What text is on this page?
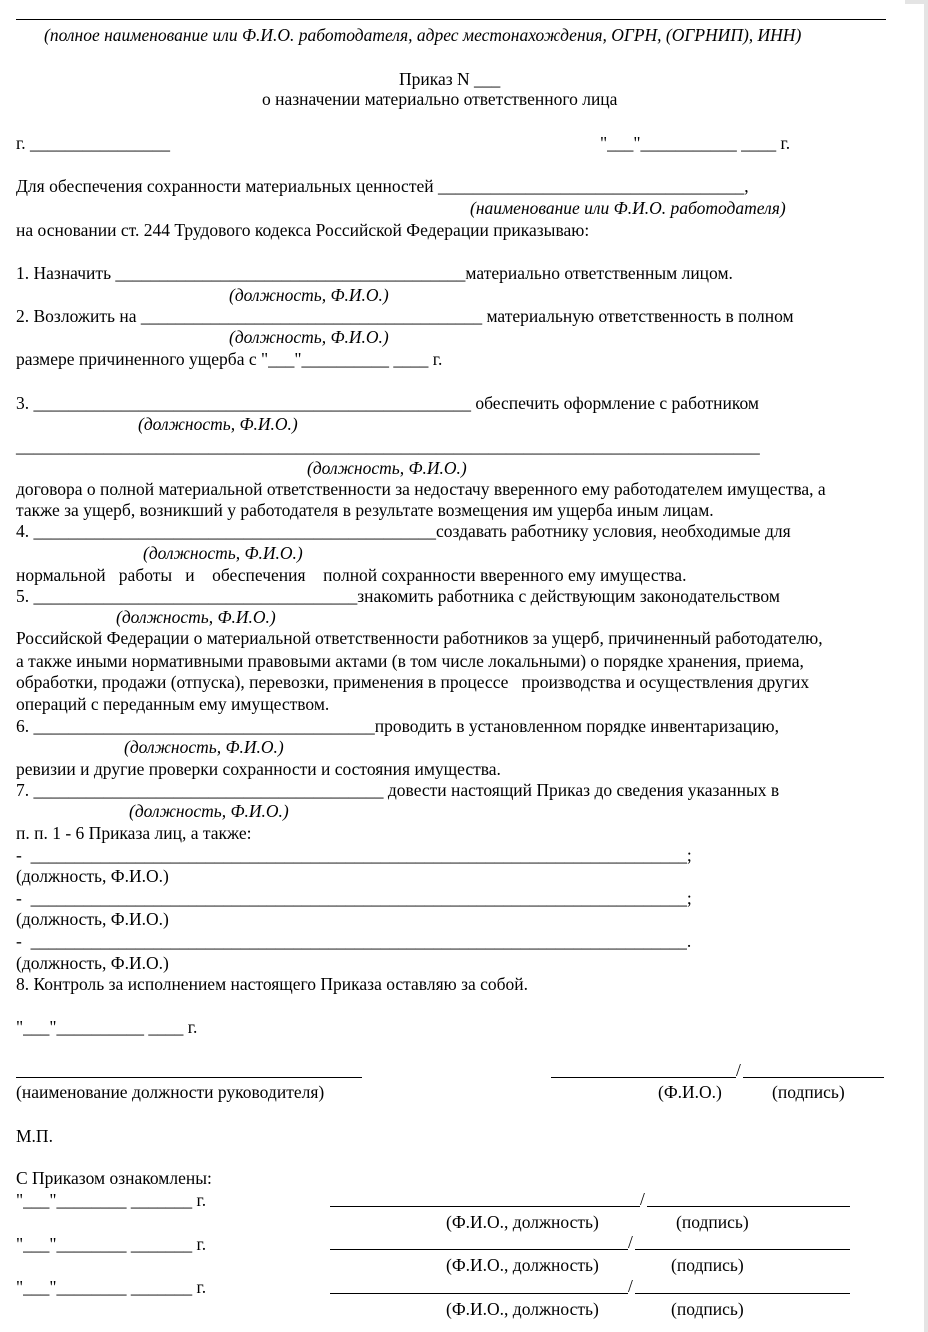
(полное наименование или Ф.И.О. работодателя, адрес местонахождения, ОГРН, (ОГРНИП), ИНН)
Приказ N ___
о назначении материально ответственного лица
г. ________________	"___"___________ ____ г.
Для обеспечения сохранности материальных ценностей ___________________________________,
(наименование или Ф.И.О. работодателя)
на основании ст. 244 Трудового кодекса Российской Федерации приказываю:
1. Назначить ________________________________________материально ответственным лицом.
(должность, Ф.И.О.)
2. Возложить на _______________________________________ материальную ответственность в полном
(должность, Ф.И.О.)
размере причиненного ущерба с "___"__________ ____ г.
3. __________________________________________________ обеспечить оформление с работником
(должность, Ф.И.О.)
_____________________________________________________________________________________
(должность, Ф.И.О.)
договора о полной материальной ответственности за недостачу вверенного ему работодателем имущества, а
также за ущерб, возникший у работодателя в результате возмещения им ущерба иным лицам.
4. ______________________________________________создавать работнику условия, необходимые для
(должность, Ф.И.О.)
нормальной   работы   и    обеспечения    полной сохранности вверенного ему имущества.
5. _____________________________________знакомить работника с действующим законодательством
(должность, Ф.И.О.)
Российской Федерации о материальной ответственности работников за ущерб, причиненный работодателю,
а также иными нормативными правовыми актами (в том числе локальными) о порядке хранения, приема,
обработки, продажи (отпуска), перевозки, применения в процессе   производства и осуществления других
операций с переданным ему имуществом.
6. _______________________________________проводить в установленном порядке инвентаризацию,
(должность, Ф.И.О.)
ревизии и другие проверки сохранности и состояния имущества.
7. ________________________________________ довести настоящий Приказ до сведения указанных в
(должность, Ф.И.О.)
п. п. 1 - 6 Приказа лиц, а также:
-  ___________________________________________________________________________;
(должность, Ф.И.О.)
-  ___________________________________________________________________________;
(должность, Ф.И.О.)
-  ___________________________________________________________________________.
(должность, Ф.И.О.)
8. Контроль за исполнением настоящего Приказа оставляю за собой.
"___"__________ ____ г.
/
(наименование должности руководителя)	(Ф.И.О.)	(подпись)
М.П.
С Приказом ознакомлены:
"___"________ _______ г.	/
(Ф.И.О., должность)	(подпись)
"___"________ _______ г.	/
(Ф.И.О., должность)	(подпись)
"___"________ _______ г.	/
(Ф.И.О., должность)	(подпись)
